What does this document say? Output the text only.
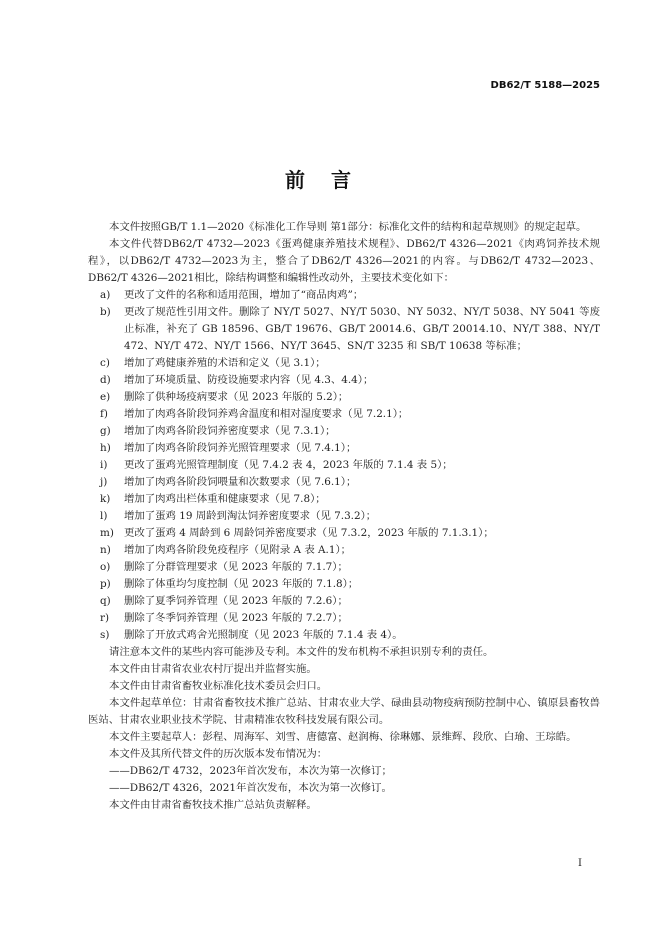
DB62/T 5188—2025
前言

本文件按照GB/T 1.1—2020《标准化工作导则 第1部分：标准化文件的结构和起草规则》的规定起草。

本文件代替DB62/T 4732—2023《蛋鸡健康养殖技术规程》、DB62/T 4326—2021《肉鸡饲养技术规程》，以DB62/T 4732—2023为主，整合了DB62/T 4326—2021的内容。与DB62/T 4732—2023、DB62/T 4326—2021相比，除结构调整和编辑性改动外，主要技术变化如下：

a)	更改了文件的名称和适用范围，增加了“商品肉鸡”；
b)	更改了规范性引用文件。删除了 NY/T 5027、NY/T 5030、NY 5032、NY/T 5038、NY 5041 等废止标准，补充了 GB 18596、GB/T 19676、GB/T 20014.6、GB/T 20014.10、NY/T 388、NY/T 472、NY/T 472、NY/T 1566、NY/T 3645、SN/T 3235 和 SB/T 10638 等标准；
c)	增加了鸡健康养殖的术语和定义（见 3.1）；
d)	增加了环境质量、防疫设施要求内容（见 4.3、4.4）；
e)	删除了供种场疫病要求（见 2023 年版的 5.2）；
f)	增加了肉鸡各阶段饲养鸡舍温度和相对湿度要求（见 7.2.1）；
g)	增加了肉鸡各阶段饲养密度要求（见 7.3.1）；
h)	增加了肉鸡各阶段饲养光照管理要求（见 7.4.1）；
i)	更改了蛋鸡光照管理制度（见 7.4.2 表 4，2023 年版的 7.1.4 表 5）；
j)	增加了肉鸡各阶段饲喂量和次数要求（见 7.6.1）；
k)	增加了肉鸡出栏体重和健康要求（见 7.8）；
l)	增加了蛋鸡 19 周龄到淘汰饲养密度要求（见 7.3.2）；
m) 更改了蛋鸡 4 周龄到 6 周龄饲养密度要求（见 7.3.2，2023 年版的 7.1.3.1）；
n)	增加了肉鸡各阶段免疫程序（见附录 A 表 A.1）；
o)	删除了分群管理要求（见 2023 年版的 7.1.7）；
p)	删除了体重均匀度控制（见 2023 年版的 7.1.8）；
q)	删除了夏季饲养管理（见 2023 年版的 7.2.6）；
r)	删除了冬季饲养管理（见 2023 年版的 7.2.7）；
s)	删除了开放式鸡舍光照制度（见 2023 年版的 7.1.4 表 4）。

请注意本文件的某些内容可能涉及专利。本文件的发布机构不承担识别专利的责任。

本文件由甘肃省农业农村厅提出并监督实施。

本文件由甘肃省畜牧业标准化技术委员会归口。

本文件起草单位：甘肃省畜牧技术推广总站、甘肃农业大学、碌曲县动物疫病预防控制中心、镇原县畜牧兽医站、甘肃农业职业技术学院、甘肃精准农牧科技发展有限公司。

本文件主要起草人：彭程、周海军、刘雪、唐德富、赵润梅、徐琳娜、景维辉、段欣、白瑜、王琮皓。

本文件及其所代替文件的历次版本发布情况为：

——DB62/T 4732，2023年首次发布，本次为第一次修订；

——DB62/T 4326，2021年首次发布，本次为第一次修订。

本文件由甘肃省畜牧技术推广总站负责解释。

I
